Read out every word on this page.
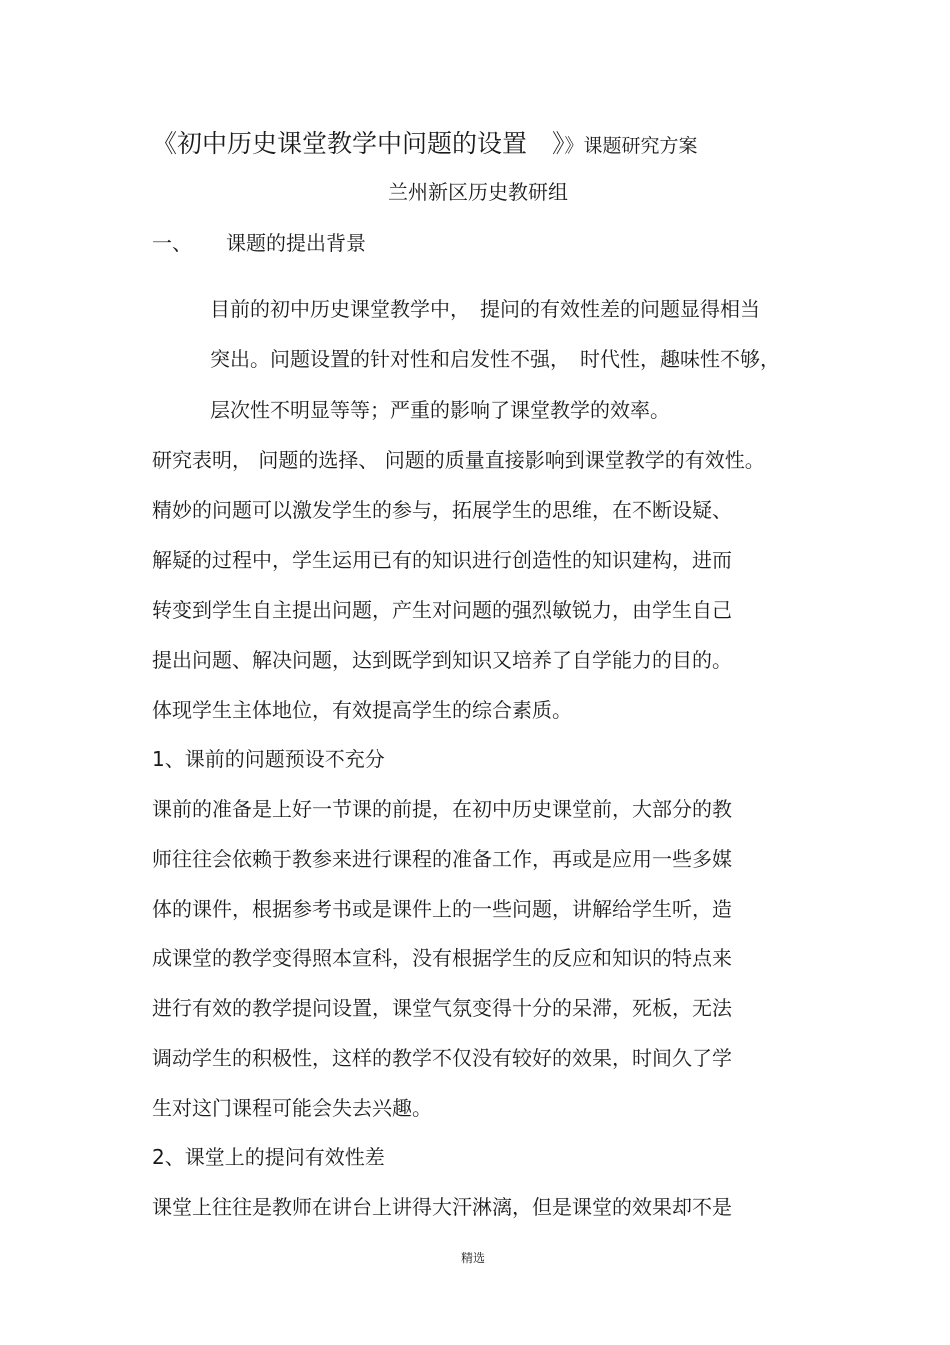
《初中历史课堂教学中问题的设置　》》课题研究方案
兰州新区历史教研组
一、 课题的提出背景
目前的初中历史课堂教学中，　提问的有效性差的问题显得相当
突出。问题设置的针对性和启发性不强，　时代性，趣味性不够，
层次性不明显等等；严重的影响了课堂教学的效率。
研究表明， 问题的选择、 问题的质量直接影响到课堂教学的有效性。
精妙的问题可以激发学生的参与，拓展学生的思维，在不断设疑、
解疑的过程中，学生运用已有的知识进行创造性的知识建构，进而
转变到学生自主提出问题，产生对问题的强烈敏锐力，由学生自己
提出问题、解决问题，达到既学到知识又培养了自学能力的目的。
体现学生主体地位，有效提高学生的综合素质。
1、课前的问题预设不充分
课前的准备是上好一节课的前提，在初中历史课堂前，大部分的教
师往往会依赖于教参来进行课程的准备工作，再或是应用一些多媒
体的课件，根据参考书或是课件上的一些问题，讲解给学生听，造
成课堂的教学变得照本宣科，没有根据学生的反应和知识的特点来
进行有效的教学提问设置，课堂气氛变得十分的呆滞，死板，无法
调动学生的积极性，这样的教学不仅没有较好的效果，时间久了学
生对这门课程可能会失去兴趣。
2、课堂上的提问有效性差
课堂上往往是教师在讲台上讲得大汗淋漓，但是课堂的效果却不是
精选
